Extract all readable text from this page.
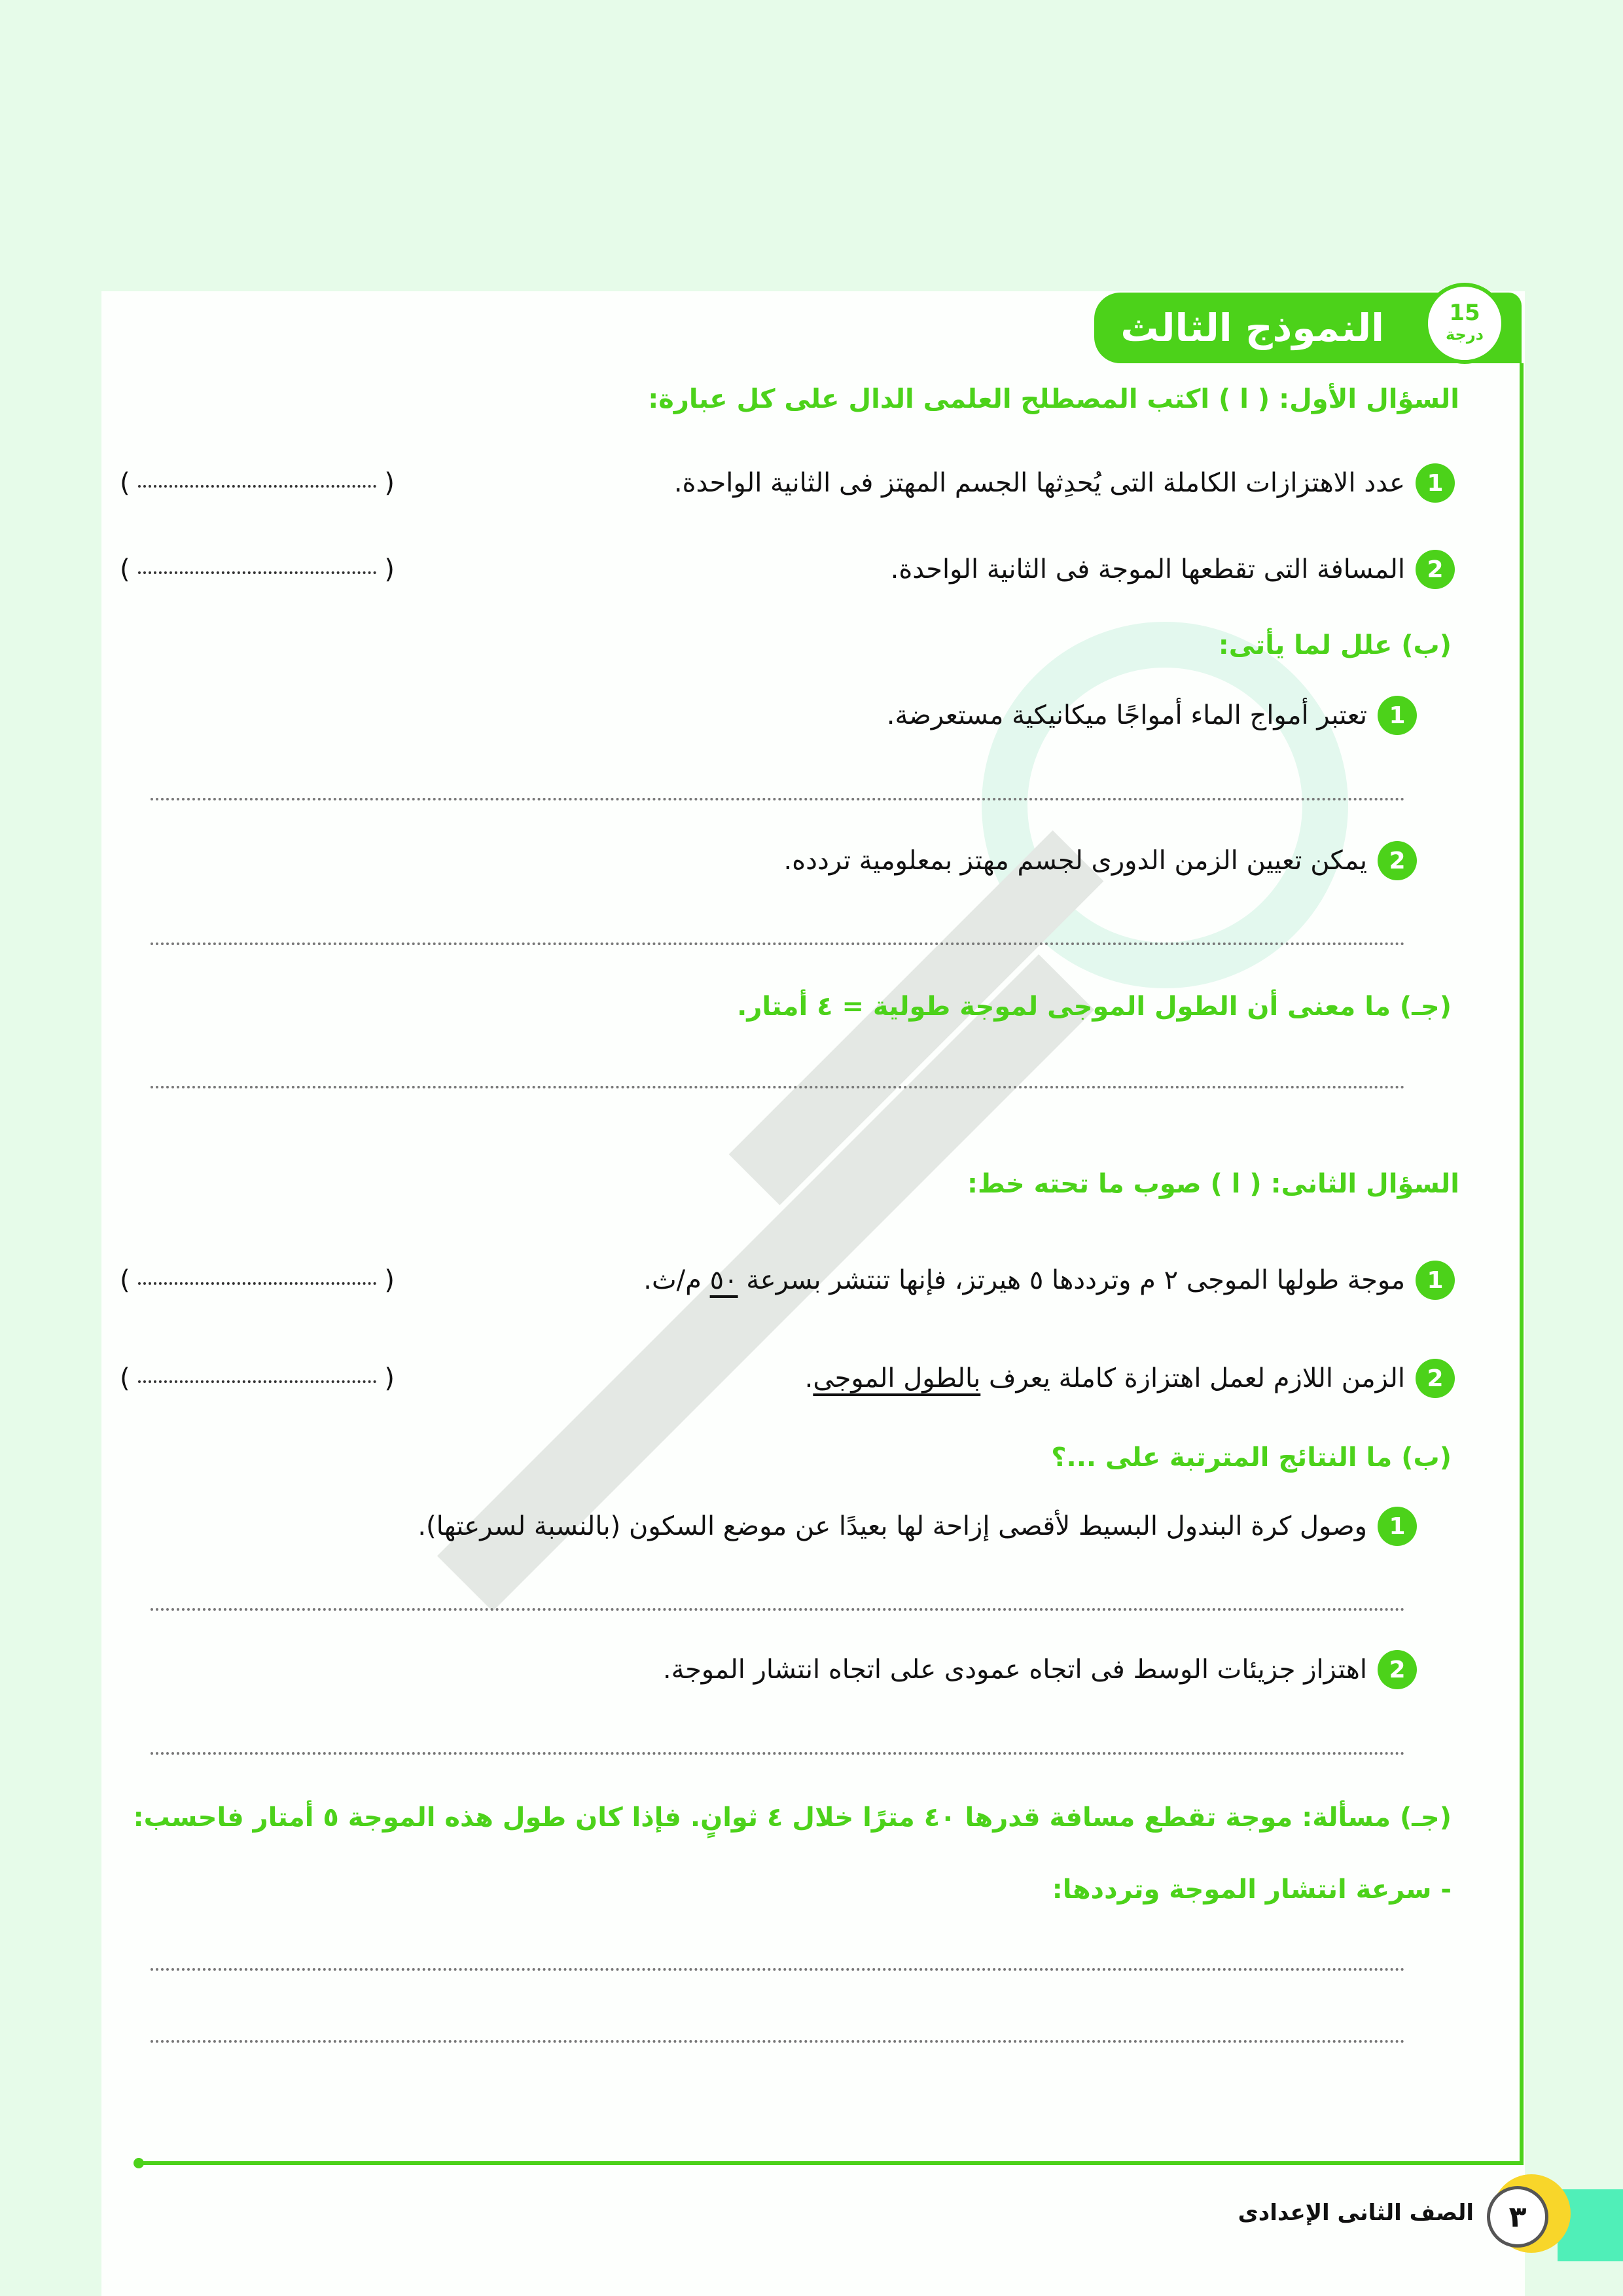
النموذج الثالث	15
درجة
السؤال الأول: ( ا ) اكتب المصطلح العلمى الدال على كل عبارة:
1
عدد الاهتزازات الكاملة التى يُحدِثها الجسم المهتز فى الثانية الواحدة.
(	)
2
المسافة التى تقطعها الموجة فى الثانية الواحدة.
(	)
(ب) علل لما يأتى:
1
تعتبر أمواج الماء أمواجًا ميكانيكية مستعرضة.
2
يمكن تعيين الزمن الدورى لجسم مهتز بمعلومية تردده.
(جـ) ما معنى أن الطول الموجى لموجة طولية = ٤ أمتار.
السؤال الثانى: ( ا ) صوب ما تحته خط:
1
موجة طولها الموجى ٢ م وترددها ٥ هيرتز، فإنها تنتشر بسرعة ٥٠ م/ث.
(	)
2
الزمن اللازم لعمل اهتزازة كاملة يعرف بالطول الموجى.
(	)
(ب) ما النتائج المترتبة على ...؟
1
وصول كرة البندول البسيط لأقصى إزاحة لها بعيدًا عن موضع السكون (بالنسبة لسرعتها).
2
اهتزاز جزيئات الوسط فى اتجاه عمودى على اتجاه انتشار الموجة.
(جـ) مسألة: موجة تقطع مسافة قدرها ٤٠ مترًا خلال ٤ ثوانٍ. فإذا كان طول هذه الموجة ٥ أمتار فاحسب:
- سرعة انتشار الموجة وترددها:
٣
الصف الثانى الإعدادى
